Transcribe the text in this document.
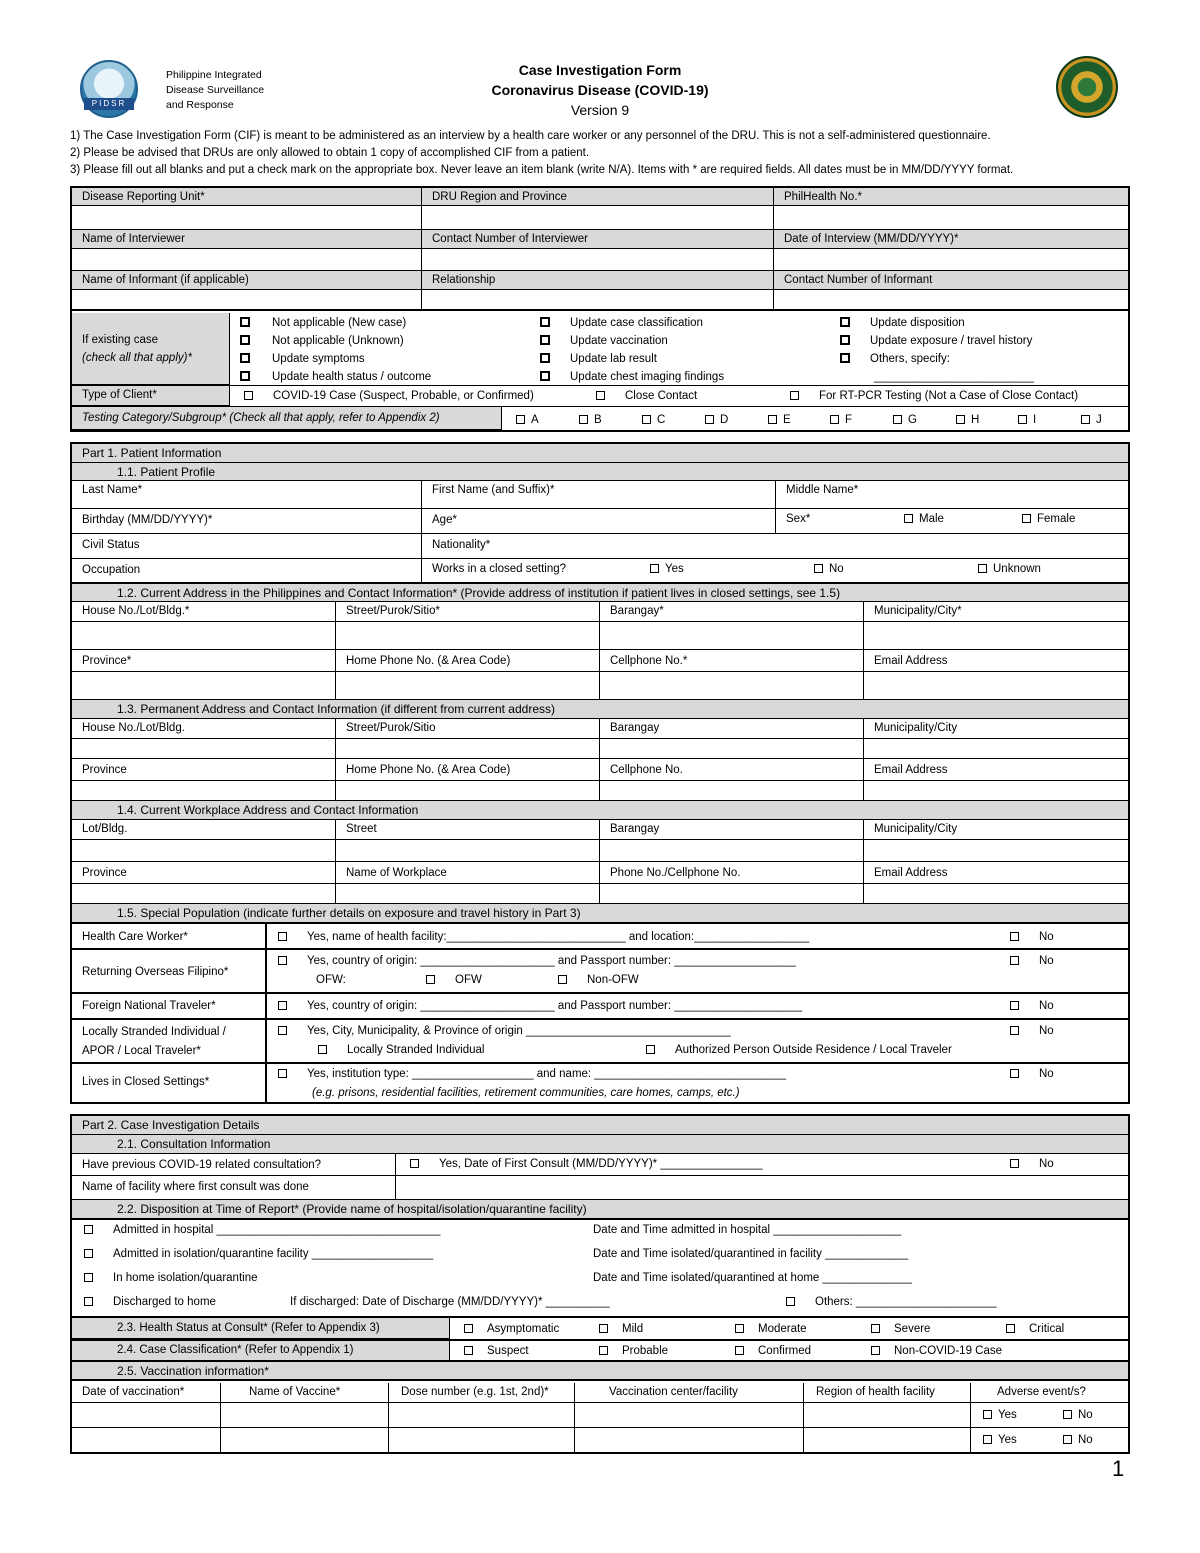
PIDSR
Philippine Integrated
Disease Surveillance
and Response
Case Investigation Form
Coronavirus Disease (COVID-19)
Version 9
1) The Case Investigation Form (CIF) is meant to be administered as an interview by a health care worker or any personnel of the DRU. This is not a self-administered questionnaire.
2) Please be advised that DRUs are only allowed to obtain 1 copy of accomplished CIF from a patient.
3) Please fill out all blanks and put a check mark on the appropriate box. Never leave an item blank (write N/A). Items with * are required fields. All dates must be in MM/DD/YYYY format.
Disease Reporting Unit*	DRU Region and Province	PhilHealth No.*
Name of Interviewer	Contact Number of Interviewer	Date of Interview (MM/DD/YYYY)*
Name of Informant (if applicable)	Relationship	Contact Number of Informant
If existing case
(check all that apply)*
Not applicable (New case)
Not applicable (Unknown)
Update symptoms
Update health status / outcome
Update case classification
Update vaccination
Update lab result
Update chest imaging findings
Update disposition
Update exposure / travel history
Others, specify:
_________________________
Type of Client*	COVID-19 Case (Suspect, Probable, or Confirmed)	Close Contact	For RT-PCR Testing (Not a Case of Close Contact)
Testing Category/Subgroup* (Check all that apply, refer to Appendix 2)	A	B	C	D	E	F	G	H	I	J
Part 1. Patient Information
1.1. Patient Profile
Last Name*	First Name (and Suffix)*	Middle Name*
Birthday (MM/DD/YYYY)*	Age*	Sex*	Male	Female
Civil Status	Nationality*
Occupation	Works in a closed setting?	Yes	No	Unknown
1.2. Current Address in the Philippines and Contact Information* (Provide address of institution if patient lives in closed settings, see 1.5)
House No./Lot/Bldg.*	Street/Purok/Sitio*	Barangay*	Municipality/City*
Province*	Home Phone No. (& Area Code)	Cellphone No.*	Email Address
1.3. Permanent Address and Contact Information (if different from current address)
House No./Lot/Bldg.	Street/Purok/Sitio	Barangay	Municipality/City
Province	Home Phone No. (& Area Code)	Cellphone No.	Email Address
1.4. Current Workplace Address and Contact Information
Lot/Bldg.	Street	Barangay	Municipality/City
Province	Name of Workplace	Phone No./Cellphone No.	Email Address
1.5. Special Population (indicate further details on exposure and travel history in Part 3)
Health Care Worker*	Yes, name of health facility:____________________________ and location:__________________	No
Returning Overseas Filipino*
Yes, country of origin: _____________________ and Passport number: ___________________	No
OFW:	OFW	Non-OFW
Foreign National Traveler*	Yes, country of origin: _____________________ and Passport number: ____________________	No
Locally Stranded Individual /
APOR / Local Traveler*
Yes, City, Municipality, & Province of origin ________________________________	No
Locally Stranded Individual	Authorized Person Outside Residence / Local Traveler
Lives in Closed Settings*
Yes, institution type: ___________________ and name: ______________________________	No
(e.g. prisons, residential facilities, retirement communities, care homes, camps, etc.)
Part 2. Case Investigation Details
2.1. Consultation Information
Have previous COVID-19 related consultation?	Yes, Date of First Consult (MM/DD/YYYY)* ________________	No
Name of facility where first consult was done
2.2. Disposition at Time of Report* (Provide name of hospital/isolation/quarantine facility)
Admitted in hospital ___________________________________	Date and Time admitted in hospital ____________________
Admitted in isolation/quarantine facility ___________________	Date and Time isolated/quarantined in facility _____________
In home isolation/quarantine	Date and Time isolated/quarantined at home ______________
Discharged to home	If discharged: Date of Discharge (MM/DD/YYYY)* __________	Others: ______________________
2.3. Health Status at Consult* (Refer to Appendix 3)	Asymptomatic	Mild	Moderate	Severe	Critical
2.4. Case Classification* (Refer to Appendix 1)	Suspect	Probable	Confirmed	Non-COVID-19 Case
2.5. Vaccination information*
Date of vaccination*	Name of Vaccine*	Dose number (e.g. 1st, 2nd)*	Vaccination center/facility	Region of health facility	Adverse event/s?
Yes	No
Yes	No
1
